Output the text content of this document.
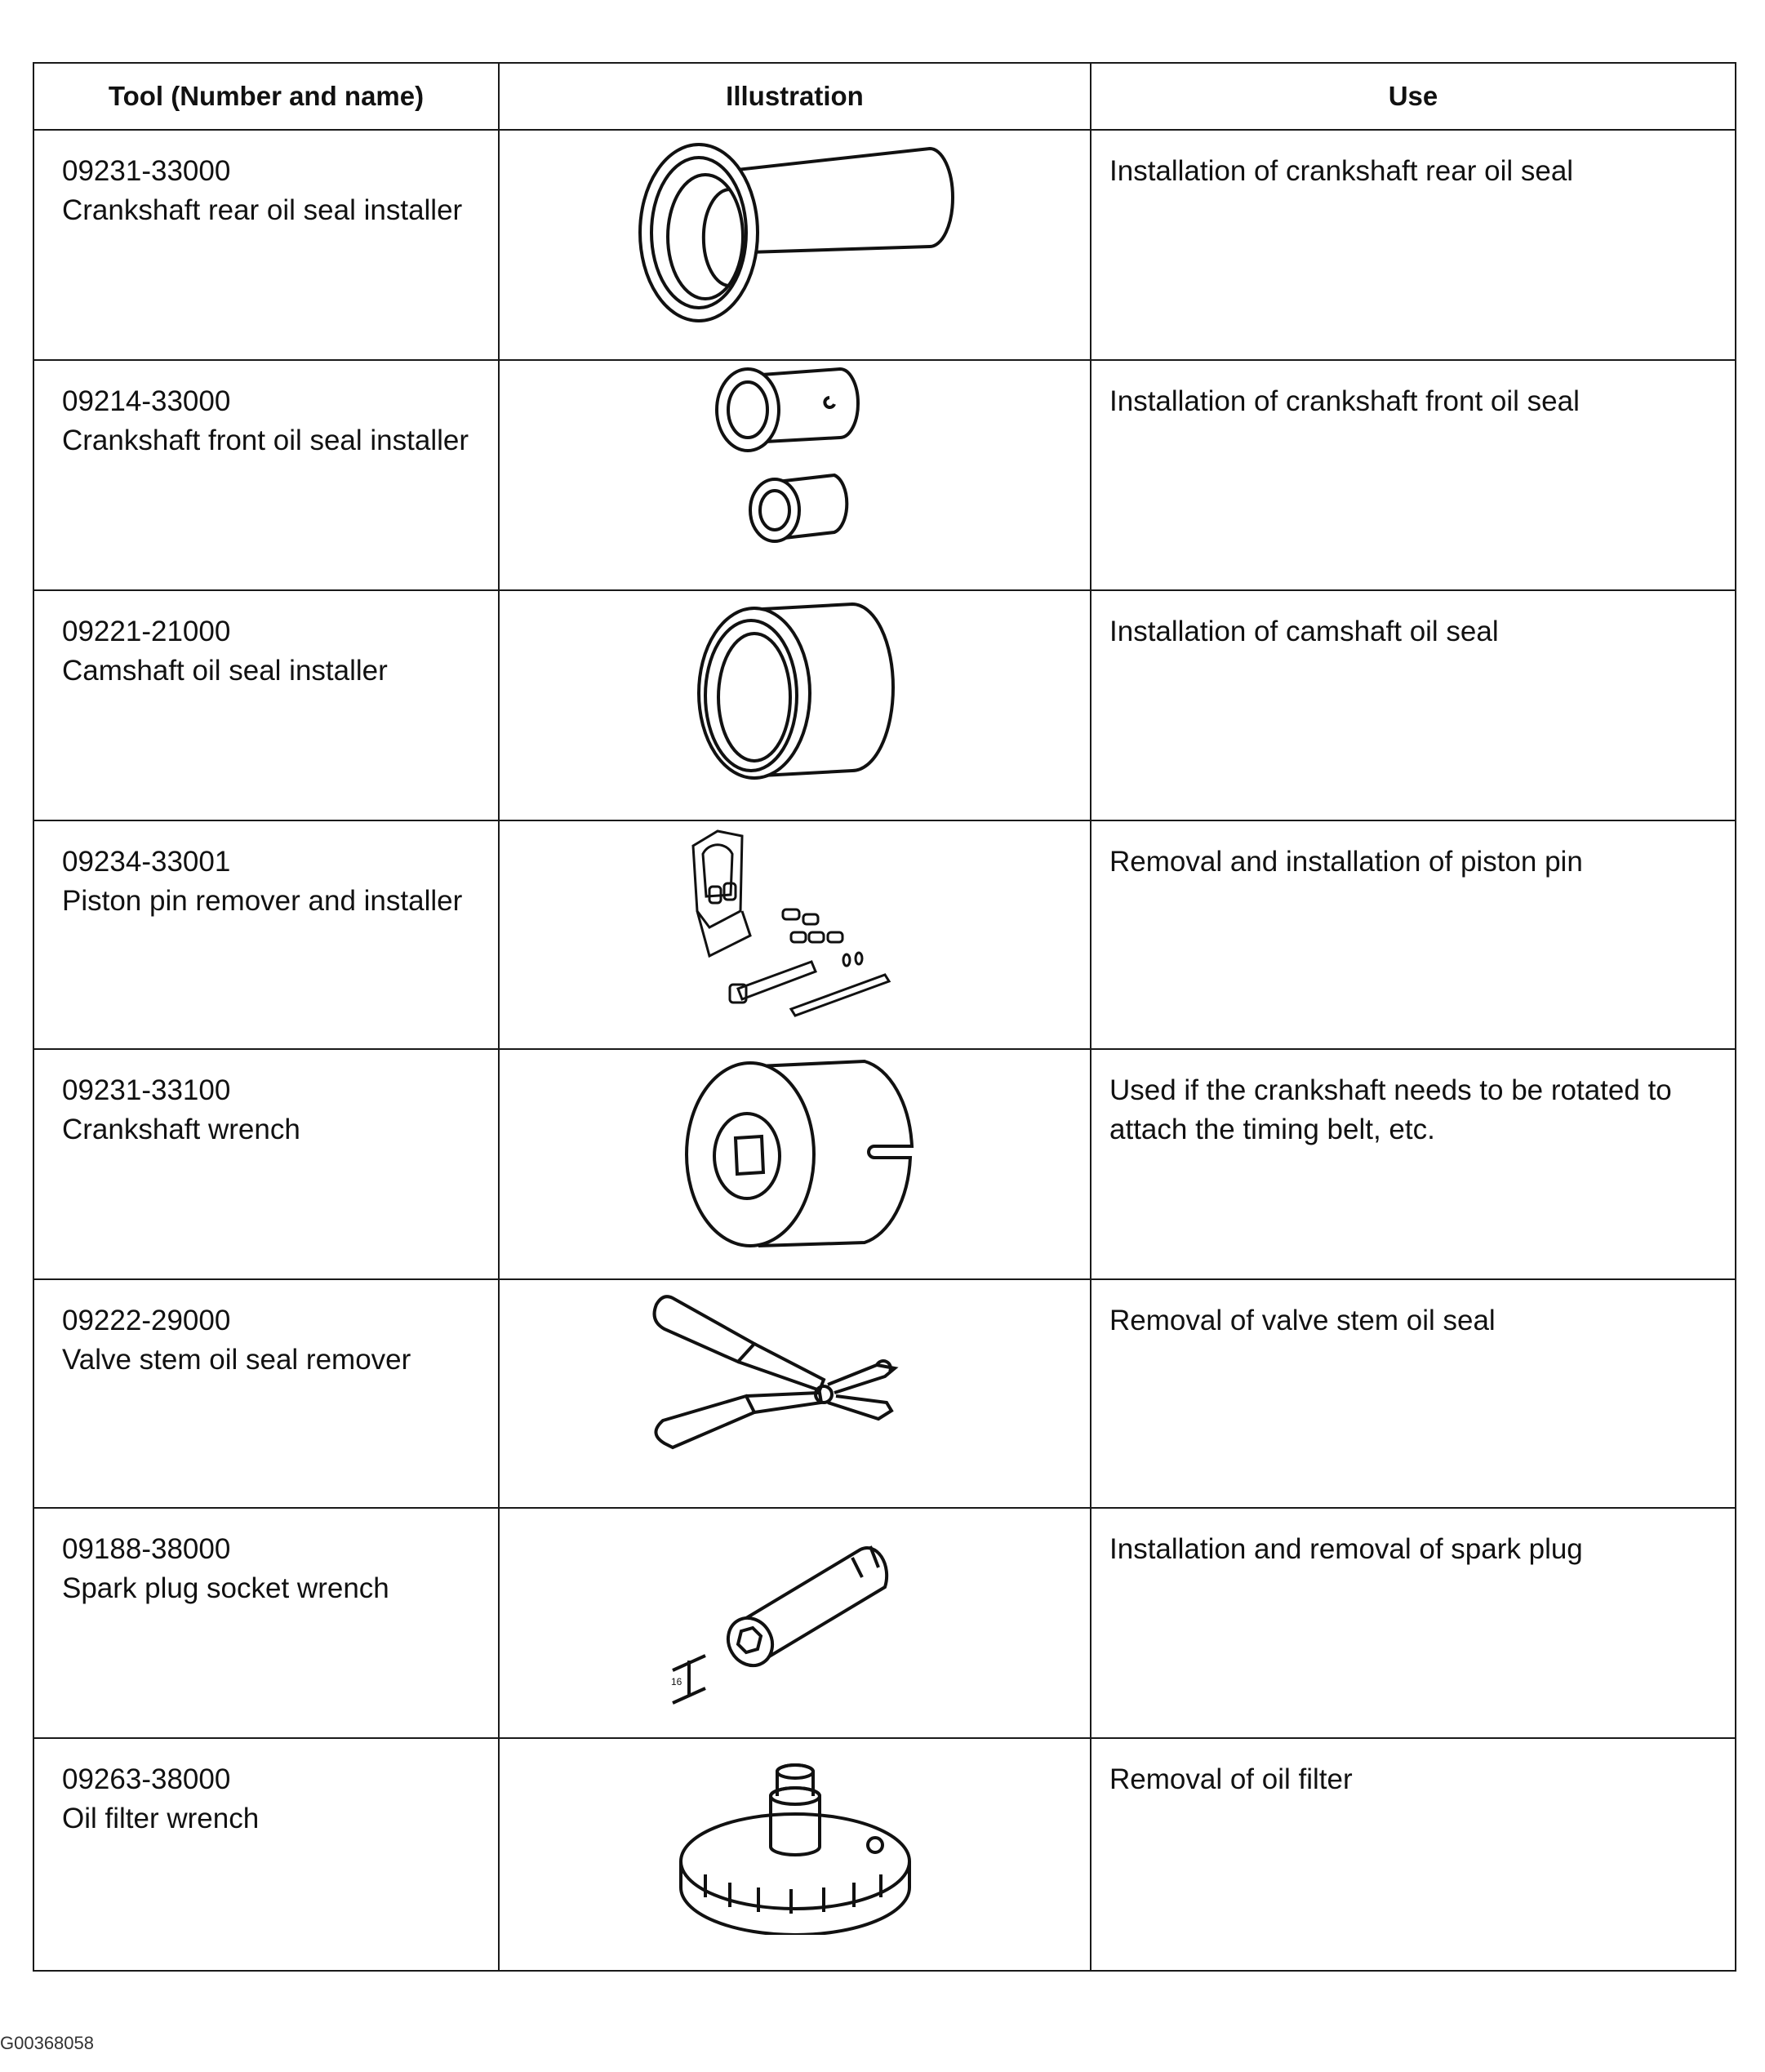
Tool (Number and name)	Illustration	Use

09231-33000
Crankshaft rear oil seal installer		Installation of crankshaft rear oil seal

09214-33000
Crankshaft front oil seal installer		Installation of crankshaft front oil seal

09221-21000
Camshaft oil seal installer		Installation of camshaft oil seal

09234-33001
Piston pin remover and installer		Removal and installation of piston pin

09231-33100
Crankshaft wrench		Used if the crankshaft needs to be rotated to attach the timing belt, etc.

09222-29000
Valve stem oil seal remover		Removal of valve stem oil seal

09188-38000
Spark plug socket wrench	16	Installation and removal of spark plug

09263-38000
Oil filter wrench		Removal of oil filter
G00368058
